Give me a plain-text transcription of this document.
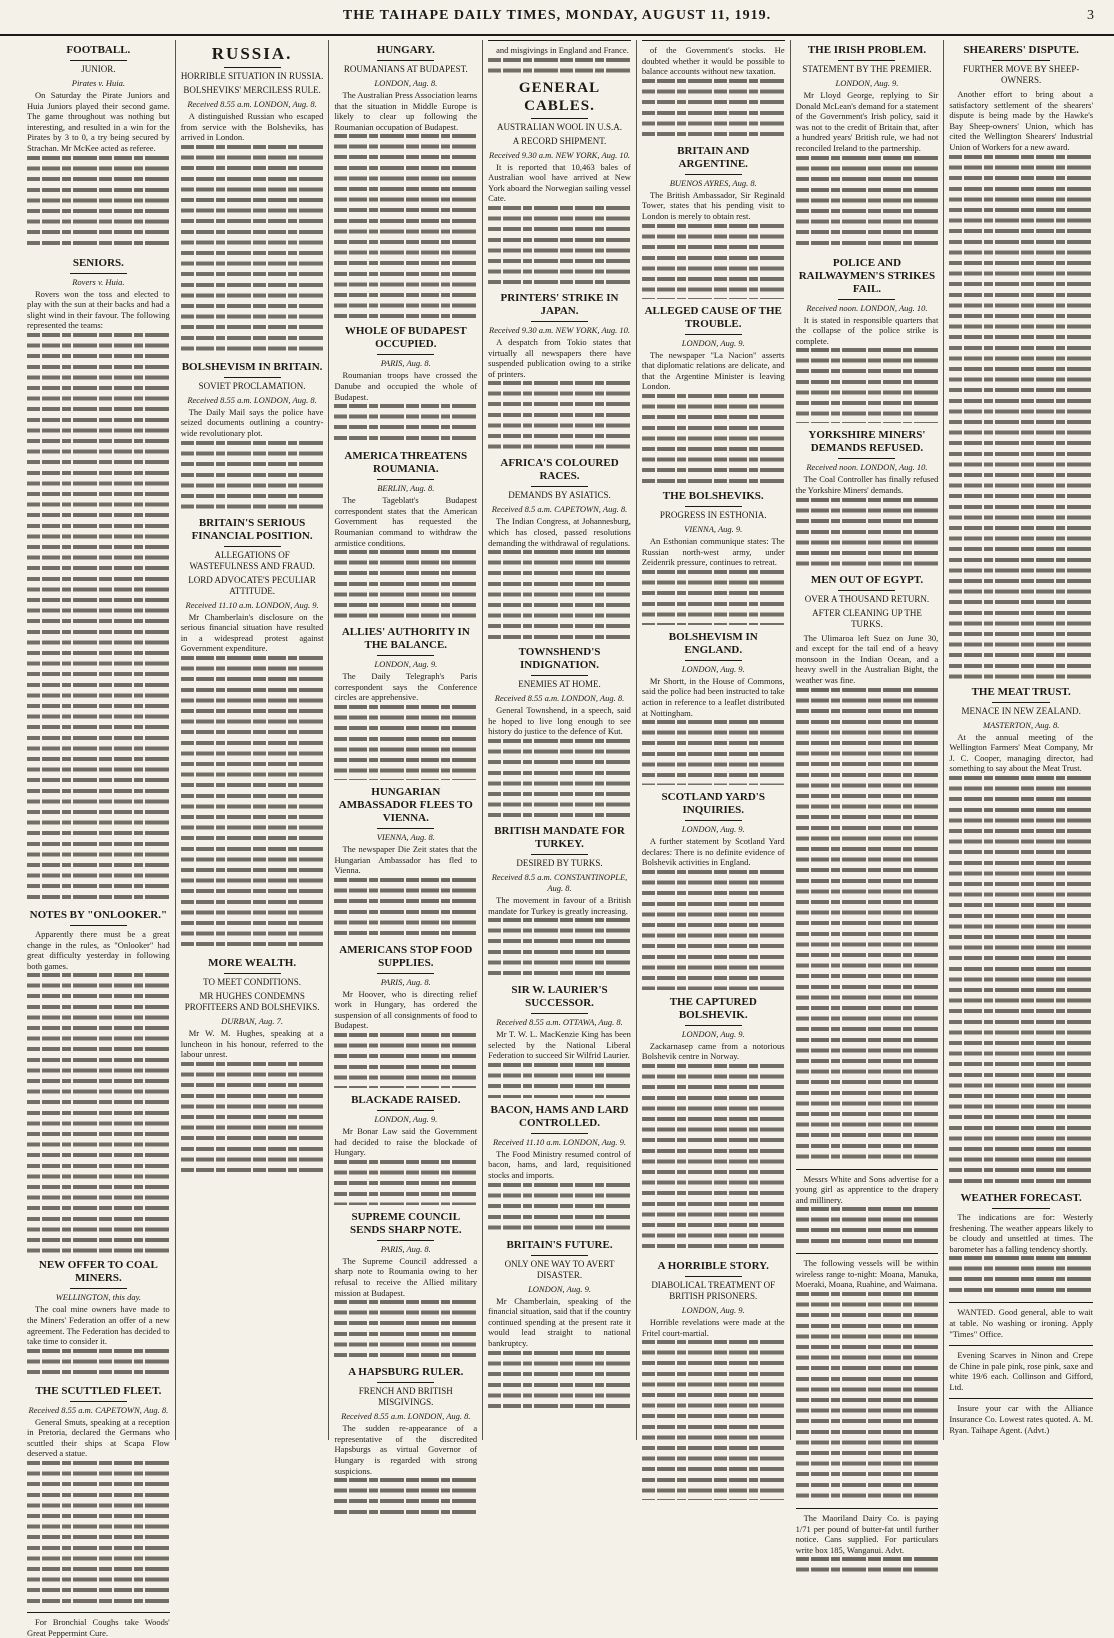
THE TAIHAPE DAILY TIMES, MONDAY, AUGUST 11, 1919.	3
FOOTBALL.
JUNIOR.
Pirates v. Huia.

On Saturday the Pirate Juniors and Huia Juniors played their second game. The game throughout was nothing but interesting, and resulted in a win for the Pirates by 3 to 0, a try being secured by Strachan. Mr McKee acted as referee.

SENIORS.
Rovers v. Huia.

Rovers won the toss and elected to play with the sun at their backs and had a slight wind in their favour. The following represented the teams:

NOTES BY "ONLOOKER."

Apparently there must be a great change in the rules, as "Onlooker" had great difficulty yesterday in following both games.

NEW OFFER TO COAL MINERS.
WELLINGTON, this day.

The coal mine owners have made to the Miners' Federation an offer of a new agreement. The Federation has decided to take time to consider it.

THE SCUTTLED FLEET.
Received 8.55 a.m. CAPETOWN, Aug. 8.

General Smuts, speaking at a reception in Pretoria, declared the Germans who scuttled their ships at Scapa Flow deserved a statue.

For Bronchial Coughs take Woods' Great Peppermint Cure.

RUSSIA.
HORRIBLE SITUATION IN RUSSIA.
BOLSHEVIKS' MERCILESS RULE.
Received 8.55 a.m. LONDON, Aug. 8.

A distinguished Russian who escaped from service with the Bolsheviks, has arrived in London.

BOLSHEVISM IN BRITAIN.
SOVIET PROCLAMATION.
Received 8.55 a.m. LONDON, Aug. 8.

The Daily Mail says the police have seized documents outlining a country-wide revolutionary plot.

BRITAIN'S SERIOUS FINANCIAL POSITION.
ALLEGATIONS OF WASTEFULNESS AND FRAUD.
LORD ADVOCATE'S PECULIAR ATTITUDE.
Received 11.10 a.m. LONDON, Aug. 9.

Mr Chamberlain's disclosure on the serious financial situation have resulted in a widespread protest against Government expenditure.

MORE WEALTH.
TO MEET CONDITIONS.
MR HUGHES CONDEMNS PROFITEERS AND BOLSHEVIKS.
DURBAN, Aug. 7.

Mr W. M. Hughes, speaking at a luncheon in his honour, referred to the labour unrest.

HUNGARY.
ROUMANIANS AT BUDAPEST.
LONDON, Aug. 8.

The Australian Press Association learns that the situation in Middle Europe is likely to clear up following the Roumanian occupation of Budapest.

WHOLE OF BUDAPEST OCCUPIED.
PARIS, Aug. 8.

Roumanian troops have crossed the Danube and occupied the whole of Budapest.

AMERICA THREATENS ROUMANIA.
BERLIN, Aug. 8.

The Tageblatt's Budapest correspondent states that the American Government has requested the Roumanian command to withdraw the armistice conditions.

ALLIES' AUTHORITY IN THE BALANCE.
LONDON, Aug. 9.

The Daily Telegraph's Paris correspondent says the Conference circles are apprehensive.

HUNGARIAN AMBASSADOR FLEES TO VIENNA.
VIENNA, Aug. 8.

The newspaper Die Zeit states that the Hungarian Ambassador has fled to Vienna.

AMERICANS STOP FOOD SUPPLIES.
PARIS, Aug. 8.

Mr Hoover, who is directing relief work in Hungary, has ordered the suspension of all consignments of food to Budapest.

BLACKADE RAISED.
LONDON, Aug. 9.

Mr Bonar Law said the Government had decided to raise the blockade of Hungary.

SUPREME COUNCIL SENDS SHARP NOTE.
PARIS, Aug. 8.

The Supreme Council addressed a sharp note to Roumania owing to her refusal to receive the Allied military mission at Budapest.

A HAPSBURG RULER.
FRENCH AND BRITISH MISGIVINGS.
Received 8.55 a.m. LONDON, Aug. 8.

The sudden re-appearance of a representative of the discredited Hapsburgs as virtual Governor of Hungary is regarded with strong suspicions.

and misgivings in England and France.

GENERAL CABLES.
AUSTRALIAN WOOL IN U.S.A.
A RECORD SHIPMENT.
Received 9.30 a.m. NEW YORK, Aug. 10.

It is reported that 10,463 bales of Australian wool have arrived at New York aboard the Norwegian sailing vessel Cate.

PRINTERS' STRIKE IN JAPAN.
Received 9.30 a.m. NEW YORK, Aug. 10.

A despatch from Tokio states that virtually all newspapers there have suspended publication owing to a strike of printers.

AFRICA'S COLOURED RACES.
DEMANDS BY ASIATICS.
Received 8.5 a.m. CAPETOWN, Aug. 8.

The Indian Congress, at Johannesburg, which has closed, passed resolutions demanding the withdrawal of regulations.

TOWNSHEND'S INDIGNATION.
ENEMIES AT HOME.
Received 8.55 a.m. LONDON, Aug. 8.

General Townshend, in a speech, said he hoped to live long enough to see history do justice to the defence of Kut.

BRITISH MANDATE FOR TURKEY.
DESIRED BY TURKS.
Received 8.5 a.m. CONSTANTINOPLE, Aug. 8.

The movement in favour of a British mandate for Turkey is greatly increasing.

SIR W. LAURIER'S SUCCESSOR.
Received 8.55 a.m. OTTAWA, Aug. 8.

Mr T. W. L. MacKenzie King has been selected by the National Liberal Federation to succeed Sir Wilfrid Laurier.

BACON, HAMS AND LARD CONTROLLED.
Received 11.10 a.m. LONDON, Aug. 9.

The Food Ministry resumed control of bacon, hams, and lard, requisitioned stocks and imports.

BRITAIN'S FUTURE.
ONLY ONE WAY TO AVERT DISASTER.
LONDON, Aug. 9.

Mr Chamberlain, speaking of the financial situation, said that if the country continued spending at the present rate it would lead straight to national bankruptcy.

of the Government's stocks. He doubted whether it would be possible to balance accounts without new taxation.

BRITAIN AND ARGENTINE.
BUENOS AYRES, Aug. 8.

The British Ambassador, Sir Reginald Tower, states that his pending visit to London is merely to obtain rest.

ALLEGED CAUSE OF THE TROUBLE.
LONDON, Aug. 9.

The newspaper "La Nacion" asserts that diplomatic relations are delicate, and that the Argentine Minister is leaving London.

THE BOLSHEVIKS.
PROGRESS IN ESTHONIA.
VIENNA, Aug. 9.

An Esthonian communique states: The Russian north-west army, under Zeidenrik pressure, continues to retreat.

BOLSHEVISM IN ENGLAND.
LONDON, Aug. 9.

Mr Shortt, in the House of Commons, said the police had been instructed to take action in reference to a leaflet distributed at Nottingham.

SCOTLAND YARD'S INQUIRIES.
LONDON, Aug. 9.

A further statement by Scotland Yard declares: There is no definite evidence of Bolshevik activities in England.

THE CAPTURED BOLSHEVIK.
LONDON, Aug. 9.

Zackarnasep came from a notorious Bolshevik centre in Norway.

A HORRIBLE STORY.
DIABOLICAL TREATMENT OF BRITISH PRISONERS.
LONDON, Aug. 9.

Horrible revelations were made at the Fritel court-martial.

THE IRISH PROBLEM.
STATEMENT BY THE PREMIER.
LONDON, Aug. 9.

Mr Lloyd George, replying to Sir Donald McLean's demand for a statement of the Government's Irish policy, said it was not to the credit of Britain that, after a hundred years' British rule, we had not reconciled Ireland to the partnership.

POLICE AND RAILWAYMEN'S STRIKES FAIL.
Received noon. LONDON, Aug. 10.

It is stated in responsible quarters that the collapse of the police strike is complete.

YORKSHIRE MINERS' DEMANDS REFUSED.
Received noon. LONDON, Aug. 10.

The Coal Controller has finally refused the Yorkshire Miners' demands.

MEN OUT OF EGYPT.
OVER A THOUSAND RETURN.
AFTER CLEANING UP THE TURKS.

The Ulimaroa left Suez on June 30, and except for the tail end of a heavy monsoon in the Indian Ocean, and a heavy swell in the Australian Bight, the weather was fine.

Messrs White and Sons advertise for a young girl as apprentice to the drapery and millinery.

The following vessels will be within wireless range to-night: Moana, Manuka, Moeraki, Moana, Ruahine, and Waimana.

The Maoriland Dairy Co. is paying 1/71 per pound of butter-fat until further notice. Cans supplied. For particulars write box 185, Wanganui. Advt.

SHEARERS' DISPUTE.
FURTHER MOVE BY SHEEP-OWNERS.

Another effort to bring about a satisfactory settlement of the shearers' dispute is being made by the Hawke's Bay Sheep-owners' Union, which has cited the Wellington Shearers' Industrial Union of Workers for a new award.

THE MEAT TRUST.
MENACE IN NEW ZEALAND.
MASTERTON, Aug. 8.

At the annual meeting of the Wellington Farmers' Meat Company, Mr J. C. Cooper, managing director, had something to say about the Meat Trust.

WEATHER FORECAST.

The indications are for: Westerly freshening. The weather appears likely to be cloudy and unsettled at times. The barometer has a falling tendency shortly.

WANTED. Good general, able to wait at table. No washing or ironing. Apply "Times" Office.

Evening Scarves in Ninon and Crepe de Chine in pale pink, rose pink, saxe and white 19/6 each. Collinson and Gifford, Ltd.

Insure your car with the Alliance Insurance Co. Lowest rates quoted. A. M. Ryan. Taihape Agent. (Advt.)
